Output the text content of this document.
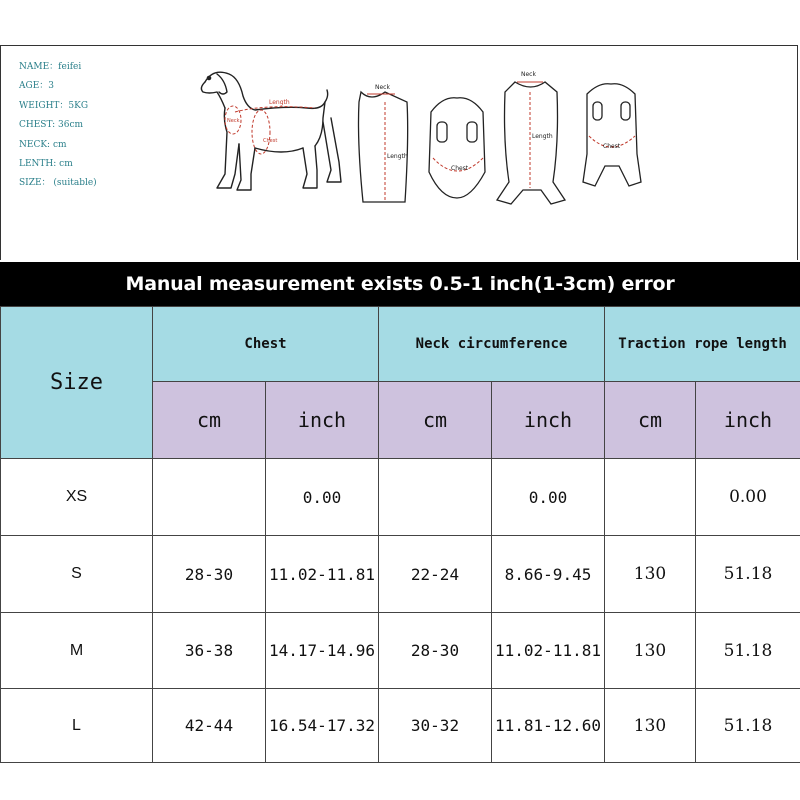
NAME：feifei
AGE：3
WEIGHT：5KG
CHEST: 36cm
NECK: cm
LENTH: cm
SIZE： (suitable)
Length
Neck
Chest
Neck
Length
Chest
Neck
Length
Chest
Manual measurement exists 0.5-1 inch(1-3cm) error
Size	Chest		Neck circumference		Traction rope length	
	cm	inch	cm	inch	cm	inch
XS		0.00		0.00		0.00
S	28-30	11.02-11.81	22-24	8.66-9.45	130	51.18
M	36-38	14.17-14.96	28-30	11.02-11.81	130	51.18
L	42-44	16.54-17.32	30-32	11.81-12.60	130	51.18
